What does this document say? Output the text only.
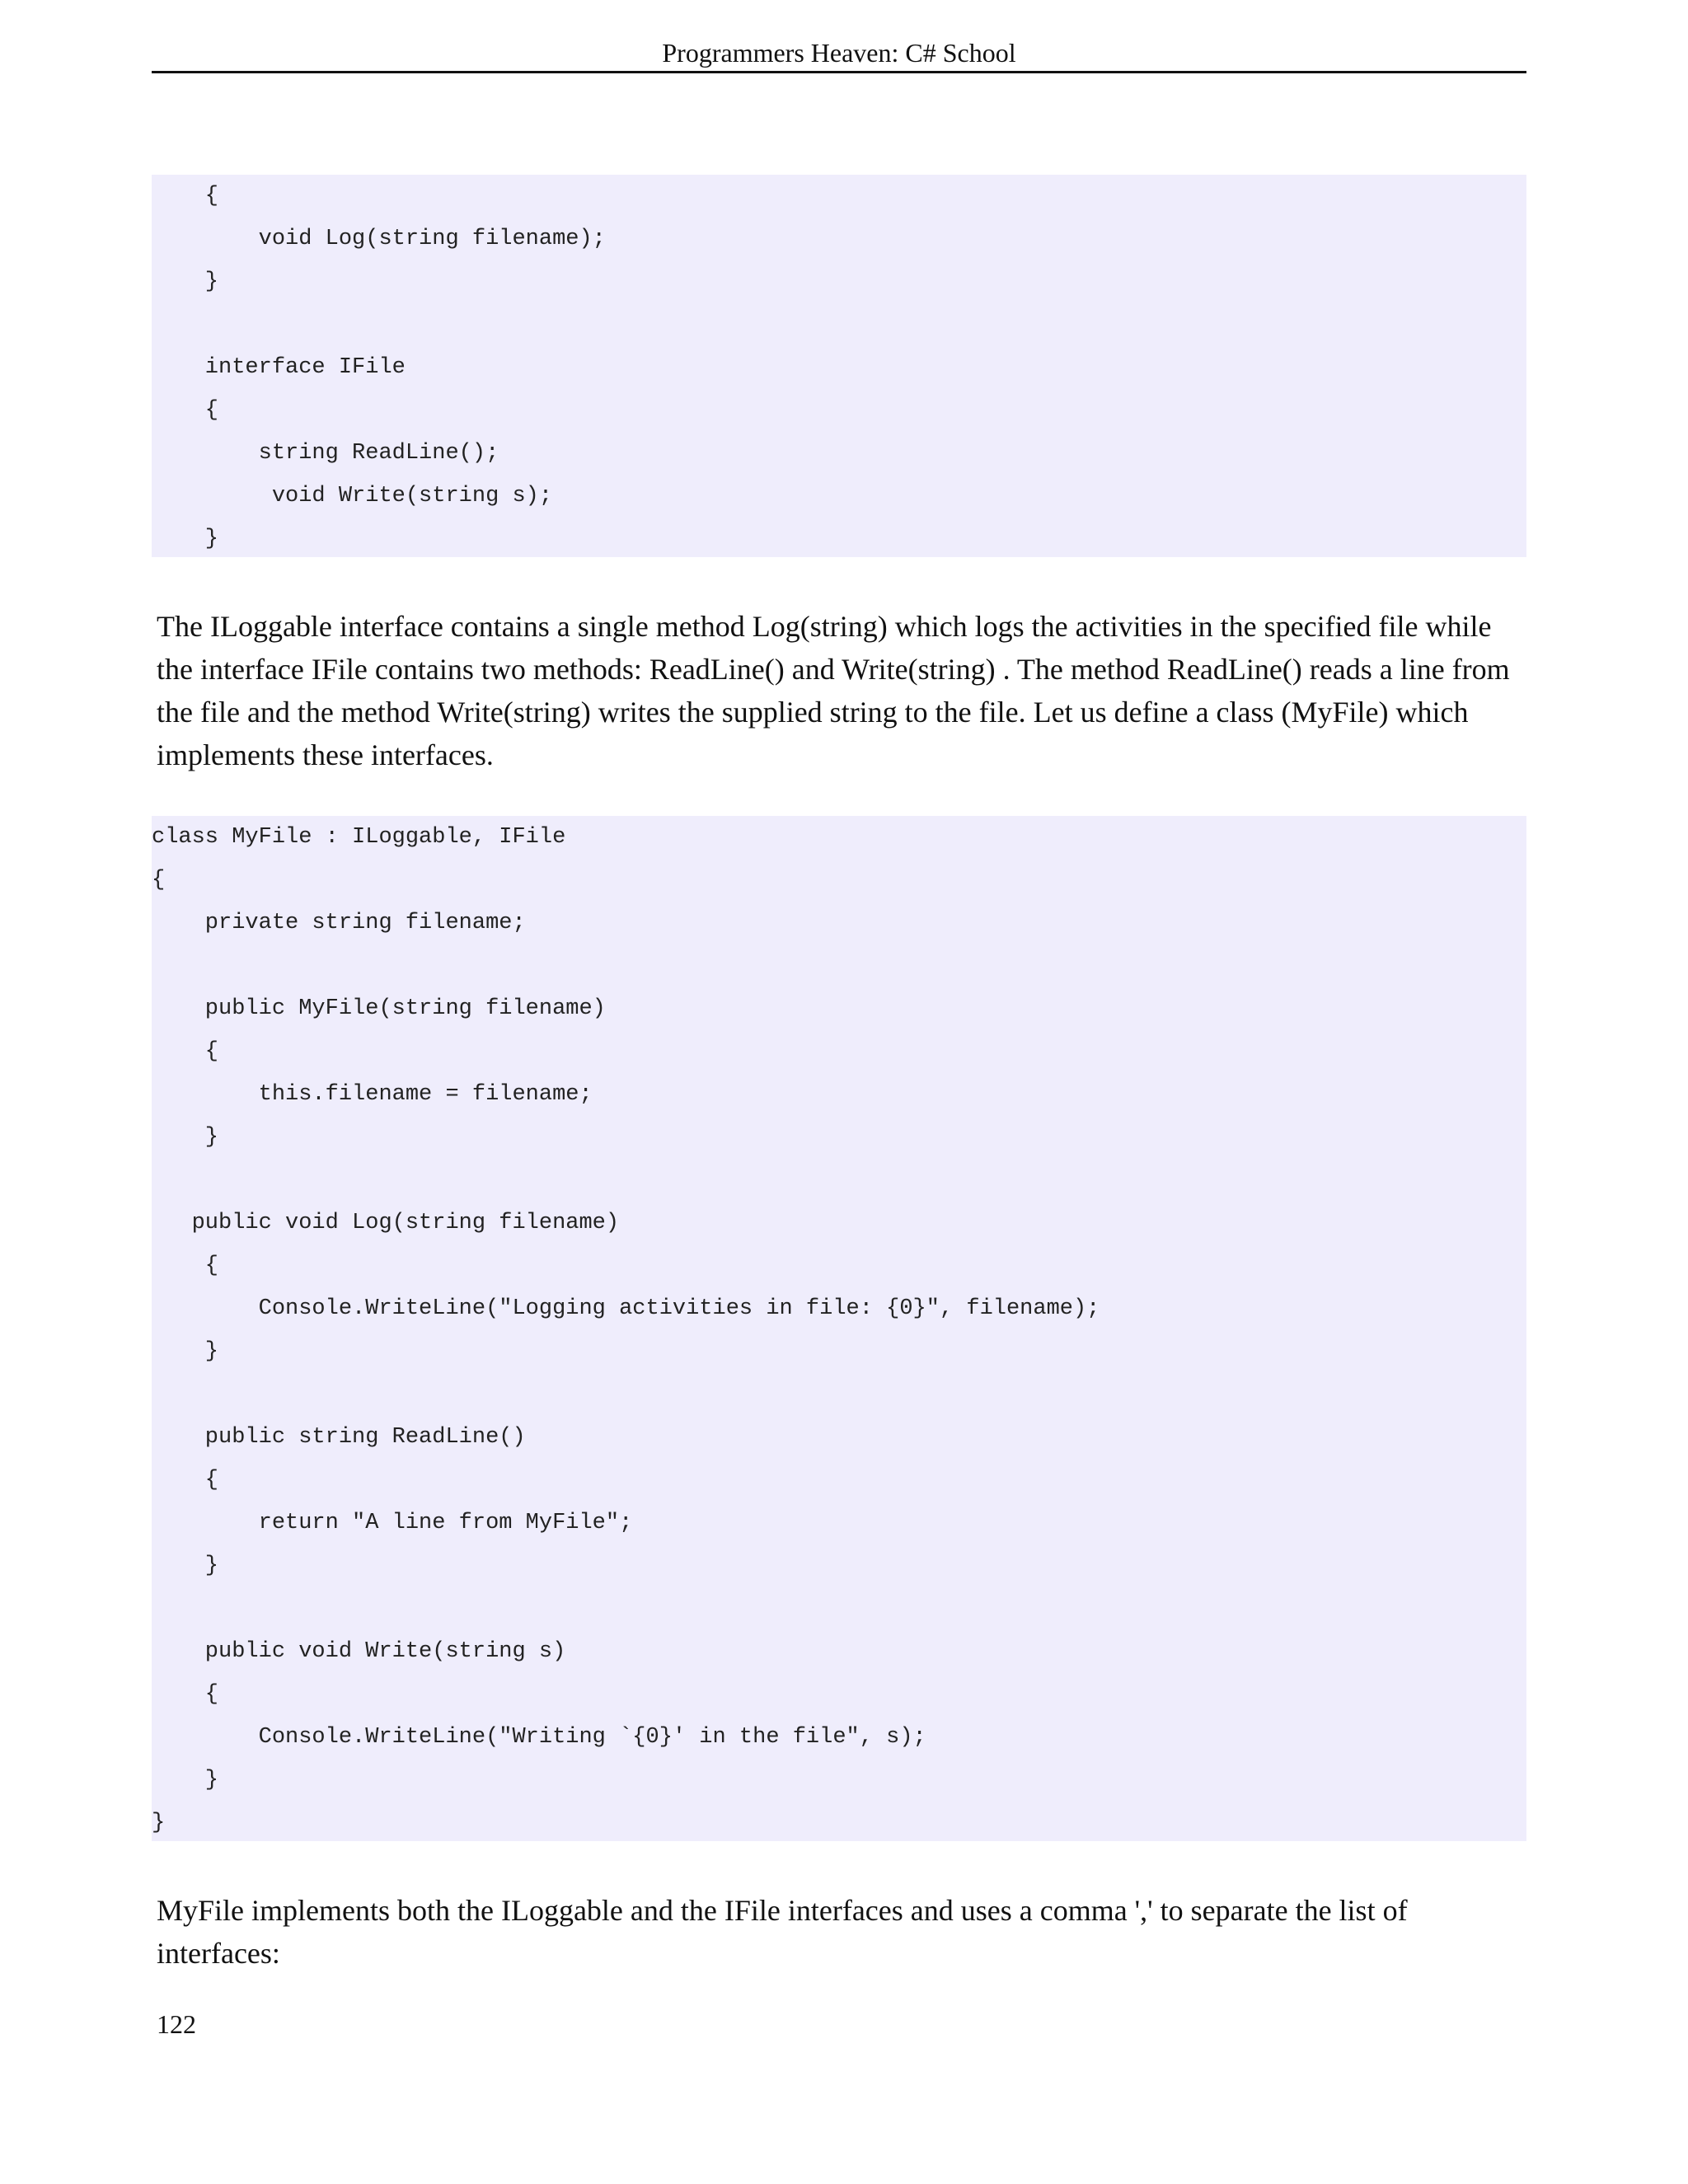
Programmers Heaven: C# School
{
void Log(string filename);
}
interface IFile
{
string ReadLine();
void Write(string s);
}
The ILoggable interface contains a single method Log(string) which logs the activities in the specified file while the interface IFile contains two methods: ReadLine() and Write(string) . The method ReadLine() reads a line from the file and the method Write(string) writes the supplied string to the file. Let us define a class (MyFile) which implements these interfaces.
class MyFile : ILoggable, IFile
{
private string filename;
public MyFile(string filename)
{
this.filename = filename;
}
public void Log(string filename)
{
Console.WriteLine("Logging activities in file: {0}", filename);
}
public string ReadLine()
{
return "A line from MyFile";
}
public void Write(string s)
{
Console.WriteLine("Writing `{0}' in the file", s);
}
}
MyFile implements both the ILoggable and the IFile interfaces and uses a comma ',' to separate the list of interfaces:
122
